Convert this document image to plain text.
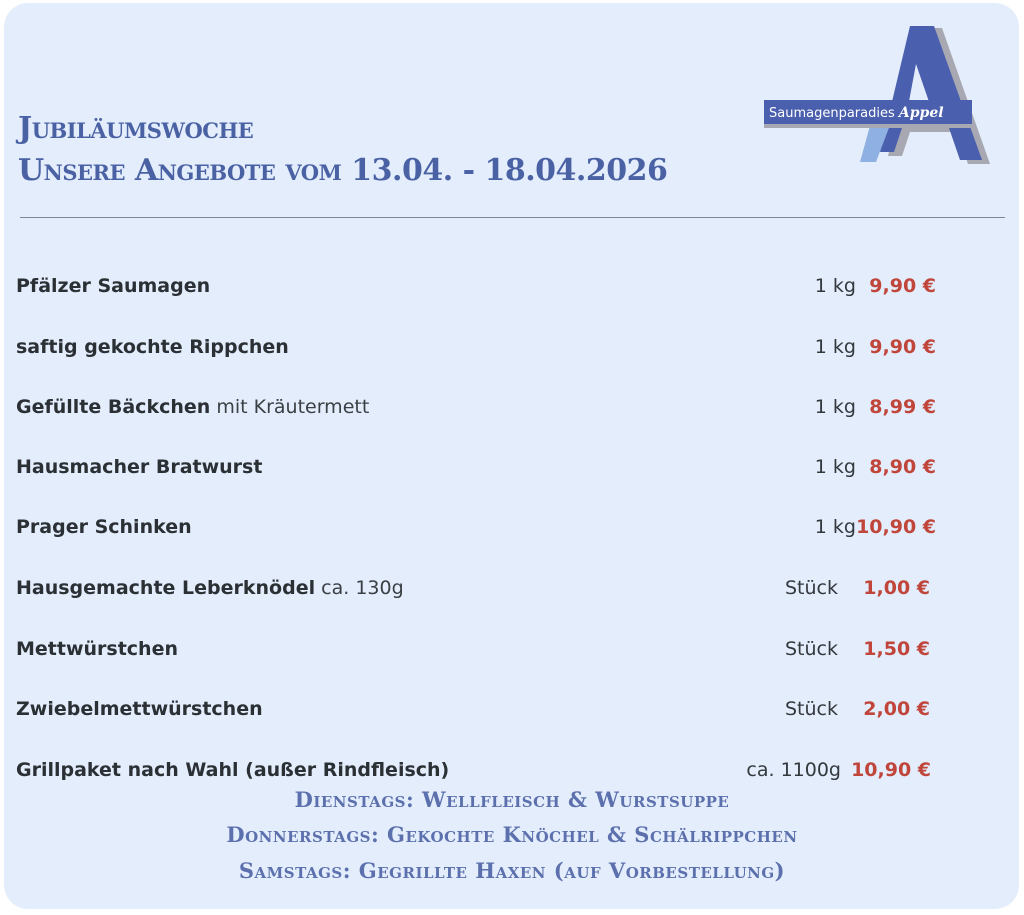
Jubiläumswoche
Unsere Angebote vom 13.04. - 18.04.2026
Saumagenparadies Appel
Pfälzer Saumagen	1 kg 9,90 €
saftig gekochte Rippchen	1 kg 9,90 €
Gefüllte Bäckchen mit Kräutermett	1 kg 8,99 €
Hausmacher Bratwurst	1 kg 8,90 €
Prager Schinken	1 kg 10,90 €
Hausgemachte Leberknödel ca. 130g	Stück	1,00 €
Mettwürstchen	Stück	1,50 €
Zwiebelmettwürstchen	Stück	2,00 €
Grillpaket nach Wahl (außer Rindfleisch)	ca. 1100g 10,90 €
Dienstags: Wellfleisch & Wurstsuppe
Donnerstags: Gekochte Knöchel & Schälrippchen
Samstags: Gegrillte Haxen (auf Vorbestellung)
